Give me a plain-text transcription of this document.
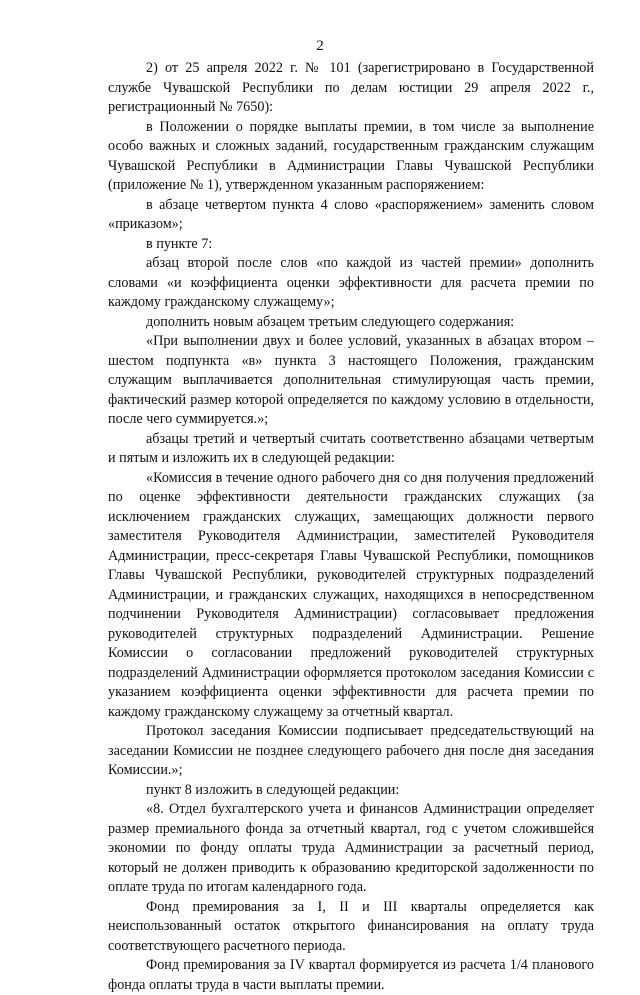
2

2) от 25 апреля 2022 г. № 101 (зарегистрировано в Государственной службе Чувашской Республики по делам юстиции 29 апреля 2022 г., регистрационный № 7650):

в Положении о порядке выплаты премии, в том числе за выполнение особо важных и сложных заданий, государственным гражданским служащим Чувашской Республики в Администрации Главы Чувашской Республики (приложение № 1), утвержденном указанным распоряжением:

в абзаце четвертом пункта 4 слово «распоряжением» заменить словом «приказом»;

в пункте 7:

абзац второй после слов «по каждой из частей премии» дополнить словами «и коэффициента оценки эффективности для расчета премии по каждому гражданскому служащему»;

дополнить новым абзацем третьим следующего содержания:

«При выполнении двух и более условий, указанных в абзацах втором – шестом подпункта «в» пункта 3 настоящего Положения, гражданским служащим выплачивается дополнительная стимулирующая часть премии, фактический размер которой определяется по каждому условию в отдельности, после чего суммируется.»;

абзацы третий и четвертый считать соответственно абзацами четвертым и пятым и изложить их в следующей редакции:

«Комиссия в течение одного рабочего дня со дня получения предложений по оценке эффективности деятельности гражданских служащих (за исключением гражданских служащих, замещающих должности первого заместителя Руководителя Администрации, заместителей Руководителя Администрации, пресс-секретаря Главы Чувашской Республики, помощников Главы Чувашской Республики, руководителей структурных подразделений Администрации, и гражданских служащих, находящихся в непосредственном подчинении Руководителя Администрации) согласовывает предложения руководителей структурных подразделений Администрации. Решение Комиссии о согласовании предложений руководителей структурных подразделений Администрации оформляется протоколом заседания Комиссии с указанием коэффициента оценки эффективности для расчета премии по каждому гражданскому служащему за отчетный квартал.

Протокол заседания Комиссии подписывает председательствующий на заседании Комиссии не позднее следующего рабочего дня после дня заседания Комиссии.»;

пункт 8 изложить в следующей редакции:

«8. Отдел бухгалтерского учета и финансов Администрации определяет размер премиального фонда за отчетный квартал, год с учетом сложившейся экономии по фонду оплаты труда Администрации за расчетный период, который не должен приводить к образованию кредиторской задолженности по оплате труда по итогам календарного года.

Фонд премирования за I, II и III кварталы определяется как неиспользованный остаток открытого финансирования на оплату труда соответствующего расчетного периода.

Фонд премирования за IV квартал формируется из расчета 1/4 планового фонда оплаты труда в части выплаты премии.
